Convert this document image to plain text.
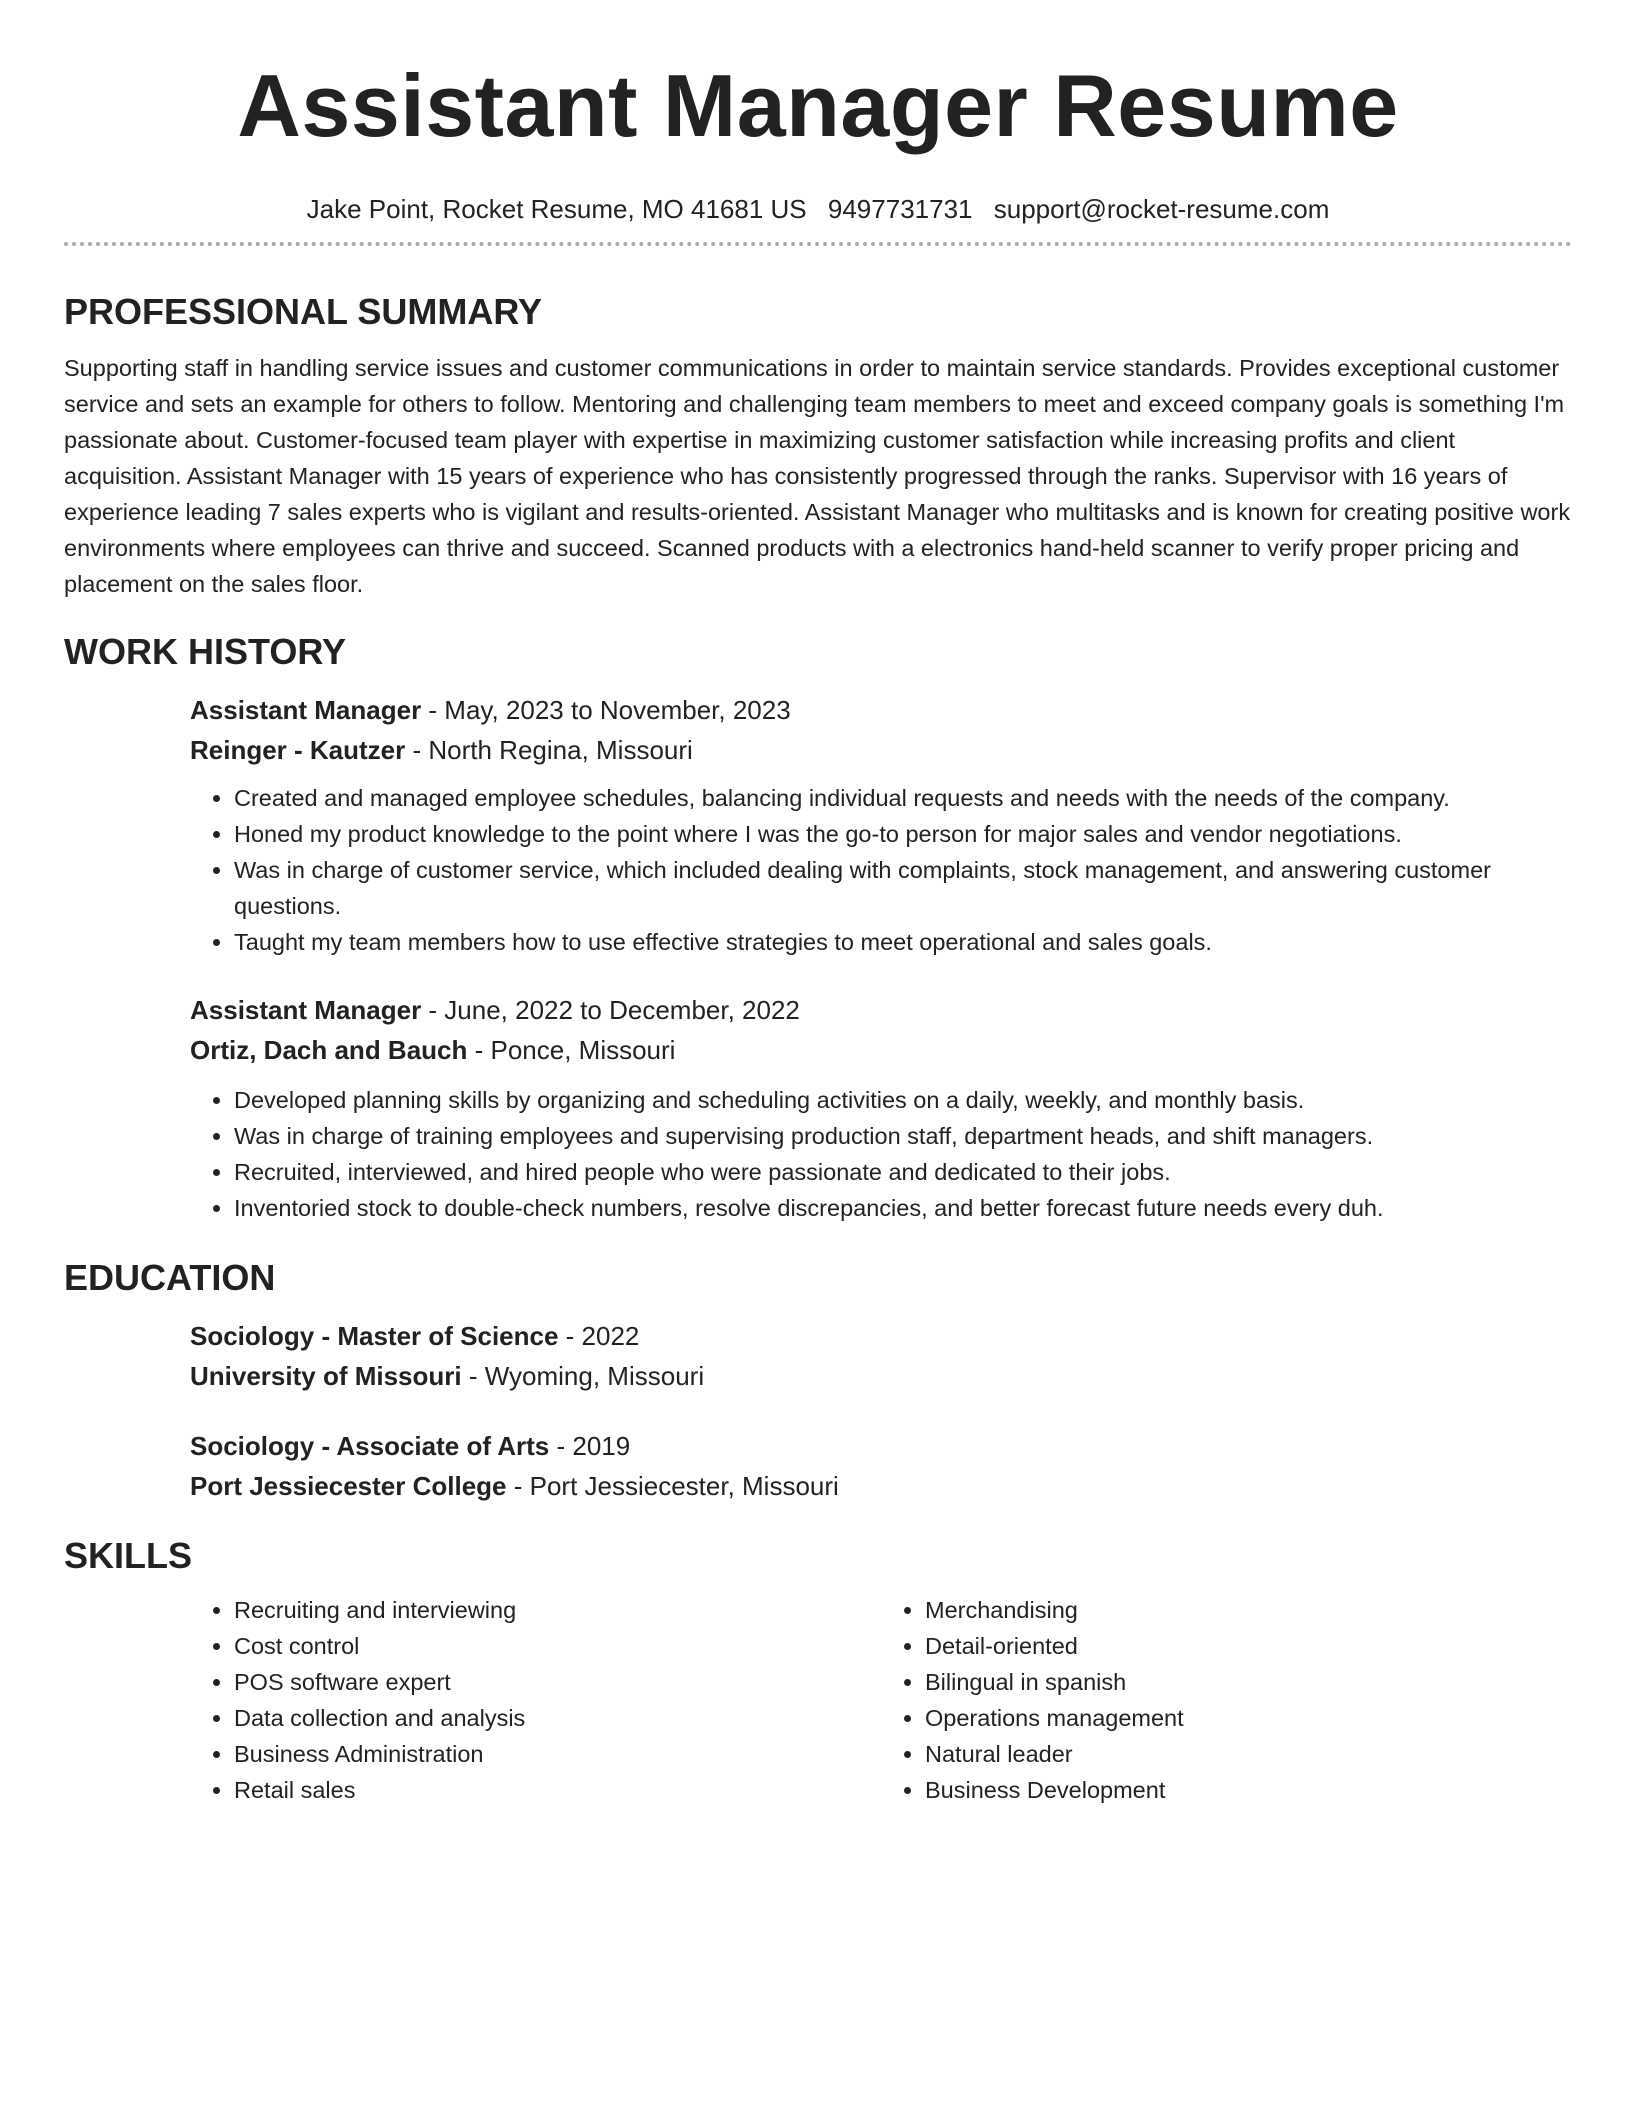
Assistant Manager Resume
Jake Point, Rocket Resume, MO 41681 US 9497731731 support@rocket-resume.com
PROFESSIONAL SUMMARY

Supporting staff in handling service issues and customer communications in order to maintain service standards. Provides exceptional customer service and sets an example for others to follow. Mentoring and challenging team members to meet and exceed company goals is something I'm passionate about. Customer-focused team player with expertise in maximizing customer satisfaction while increasing profits and client acquisition. Assistant Manager with 15 years of experience who has consistently progressed through the ranks. Supervisor with 16 years of experience leading 7 sales experts who is vigilant and results-oriented. Assistant Manager who multitasks and is known for creating positive work environments where employees can thrive and succeed. Scanned products with a electronics hand-held scanner to verify proper pricing and placement on the sales floor.

WORK HISTORY
Assistant Manager - May, 2023 to November, 2023
Reinger - Kautzer - North Regina, Missouri
• Created and managed employee schedules, balancing individual requests and needs with the needs of the company.
• Honed my product knowledge to the point where I was the go-to person for major sales and vendor negotiations.
• Was in charge of customer service, which included dealing with complaints, stock management, and answering customer questions.
• Taught my team members how to use effective strategies to meet operational and sales goals.
Assistant Manager - June, 2022 to December, 2022
Ortiz, Dach and Bauch - Ponce, Missouri
• Developed planning skills by organizing and scheduling activities on a daily, weekly, and monthly basis.
• Was in charge of training employees and supervising production staff, department heads, and shift managers.
• Recruited, interviewed, and hired people who were passionate and dedicated to their jobs.
• Inventoried stock to double-check numbers, resolve discrepancies, and better forecast future needs every duh.
EDUCATION
Sociology - Master of Science - 2022
University of Missouri - Wyoming, Missouri
Sociology - Associate of Arts - 2019
Port Jessiecester College - Port Jessiecester, Missouri
SKILLS
• Recruiting and interviewing
• Cost control
• POS software expert
• Data collection and analysis
• Business Administration
• Retail sales
• Merchandising
• Detail-oriented
• Bilingual in spanish
• Operations management
• Natural leader
• Business Development
